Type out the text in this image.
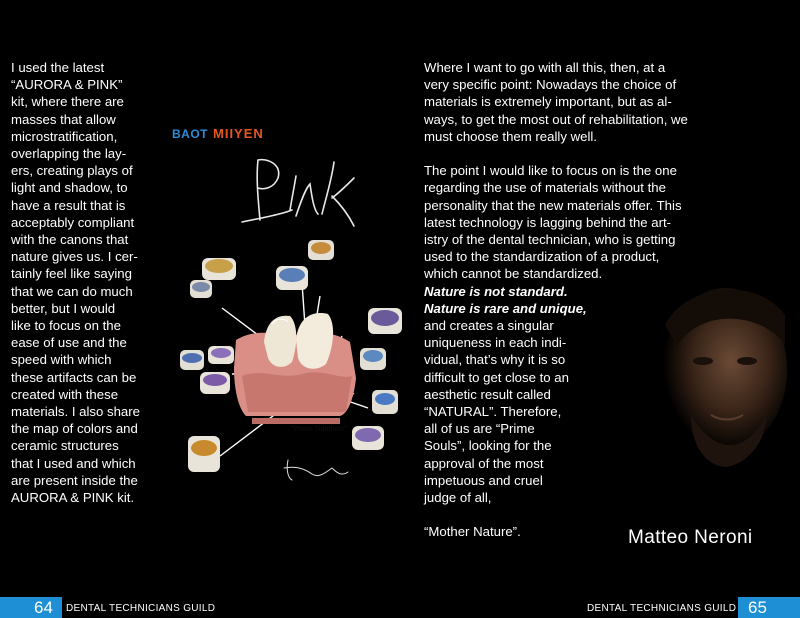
I used the latest
“AURORA & PINK”
kit, where there are
masses that allow
microstratification,
overlapping the lay-
ers, creating plays of
light and shadow, to
have a result that is
acceptably compliant
with the canons that
nature gives us. I cer-
tainly feel like saying
that we can do much
better, but I would
like to focus on the
ease of use and the
speed with which
these artifacts can be
created with these
materials. I also share
the map of colors and
ceramic structures
that I used and which
are present inside the
AURORA & PINK kit.
BAOT MIIYEN
“Prime Numbers”
64 DENTAL TECHNICIANS GUILD
Where I want to go with all this, then, at a
very specific point: Nowadays the choice of
materials is extremely important, but as al-
ways, to get the most out of rehabilitation, we
must choose them really well.
The point I would like to focus on is the one
regarding the use of materials without the
personality that the new materials offer. This
latest technology is lagging behind the art-
istry of the dental technician, who is getting
used to the standardization of a product,
which cannot be standardized.
Nature is not standard.
Nature is rare and unique,
and creates a singular
uniqueness in each indi-
vidual, that’s why it is so
difficult to get close to an
aesthetic result called
“NATURAL”. Therefore,
all of us are “Prime
Souls”, looking for the
approval of the most
impetuous and cruel
judge of all,
“Mother Nature”.	Matteo Neroni
DENTAL TECHNICIANS GUILD 65
